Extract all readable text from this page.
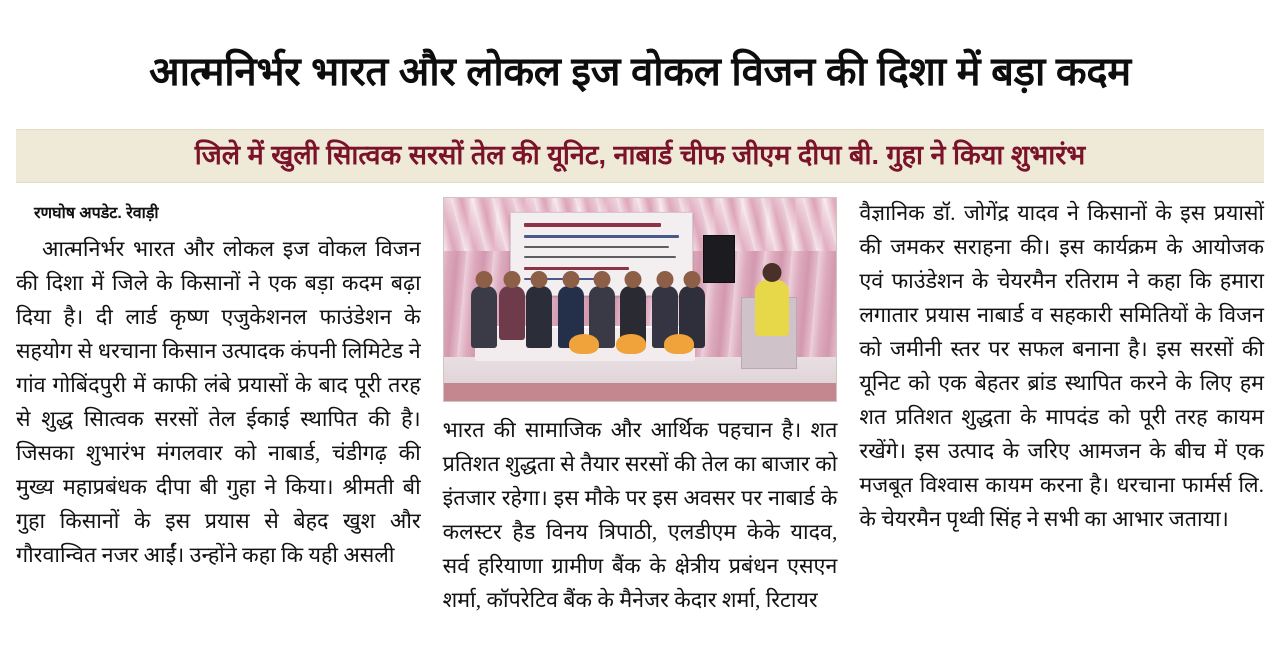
आत्मनिर्भर भारत और लोकल इज वोकल विजन की दिशा में बड़ा कदम
जिले में खुली साित्वक सरसों तेल की यूनिट, नाबार्ड चीफ जीएम दीपा बी. गुहा ने किया शुभारंभ
रणघोष अपडेट. रेवाड़ी

आत्मनिर्भर भारत और लोकल इज वोकल विजन की दिशा में जिले के किसानों ने एक बड़ा कदम बढ़ा दिया है। दी लार्ड कृष्ण एजुकेशनल फाउंडेशन के सहयोग से धरचाना किसान उत्पादक कंपनी लिमिटेड ने गांव गोबिंदपुरी में काफी लंबे प्रयासों के बाद पूरी तरह से शुद्ध साित्वक सरसों तेल ईकाई स्थापित की है। जिसका शुभारंभ मंगलवार को नाबार्ड, चंडीगढ़ की मुख्य महाप्रबंधक दीपा बी गुहा ने किया। श्रीमती बी गुहा किसानों के इस प्रयास से बेहद खुश और गौरवान्वित नजर आईं। उन्होंने कहा कि यही असली

भारत की सामाजिक और आर्थिक पहचान है। शत प्रतिशत शुद्धता से तैयार सरसों की तेल का बाजार को इंतजार रहेगा। इस मौके पर इस अवसर पर नाबार्ड के कलस्टर हैड विनय त्रिपाठी, एलडीएम केके यादव, सर्व हरियाणा ग्रामीण बैंक के क्षेत्रीय प्रबंधन एसएन शर्मा, कॉपरेटिव बैंक के मैनेजर केदार शर्मा, रिटायर

वैज्ञानिक डॉ. जोगेंद्र यादव ने किसानों के इस प्रयासों की जमकर सराहना की। इस कार्यक्रम के आयोजक एवं फाउंडेशन के चेयरमैन रतिराम ने कहा कि हमारा लगातार प्रयास नाबार्ड व सहकारी समितियों के विजन को जमीनी स्तर पर सफल बनाना है। इस सरसों की यूनिट को एक बेहतर ब्रांड स्थापित करने के लिए हम शत प्रतिशत शुद्धता के मापदंड को पूरी तरह कायम रखेंगे। इस उत्पाद के जरिए आमजन के बीच में एक मजबूत विश्वास कायम करना है। धरचाना फार्मर्स लि. के चेयरमैन पृथ्वी सिंह ने सभी का आभार जताया।
